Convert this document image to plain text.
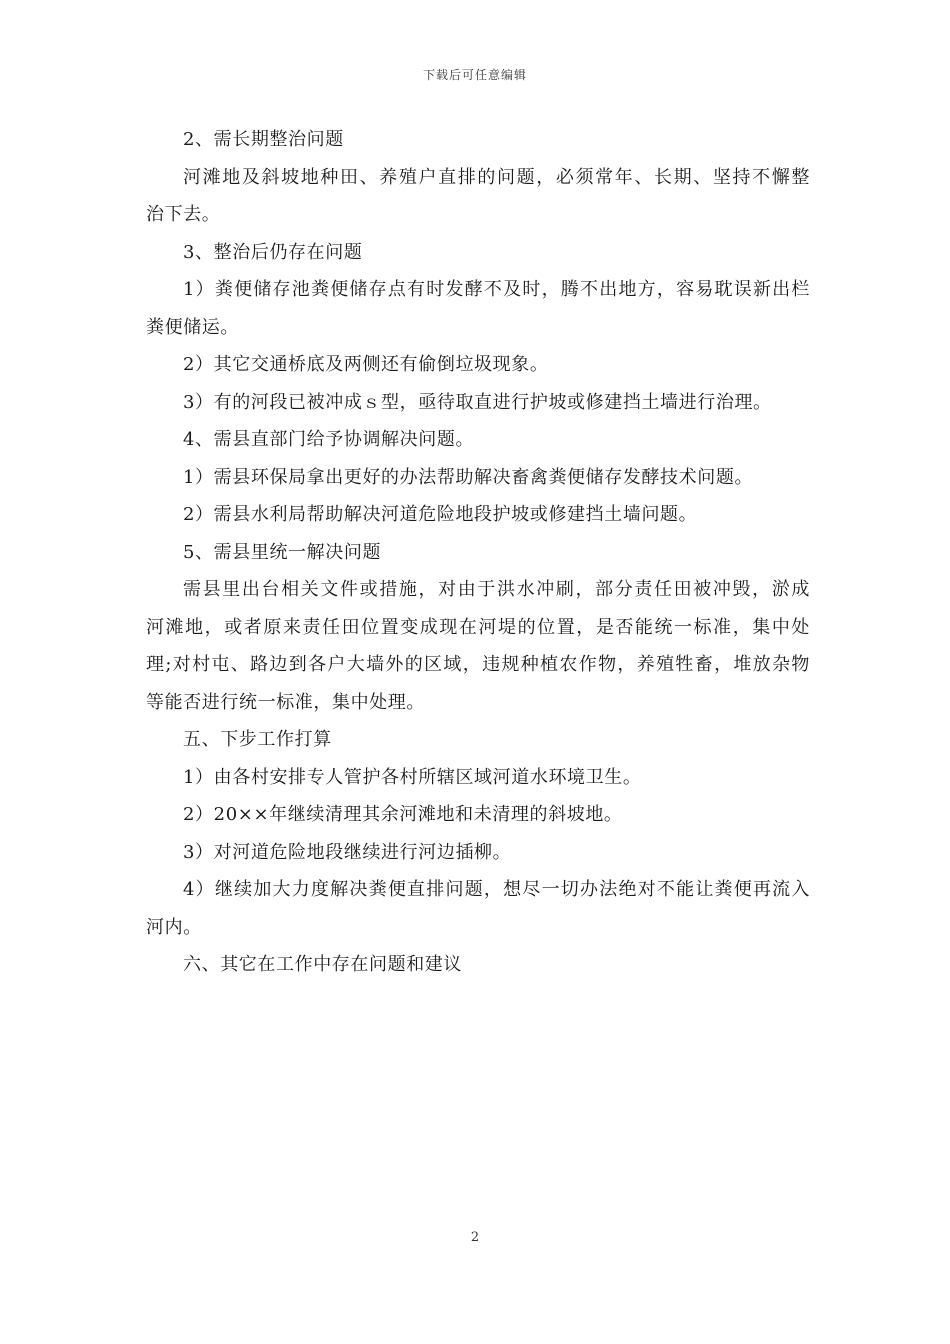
下载后可任意编辑
2、需长期整治问题
河滩地及斜坡地种田、养殖户直排的问题，必须常年、长期、坚持不懈整
治下去。
3、整治后仍存在问题
1）粪便储存池粪便储存点有时发酵不及时，腾不出地方，容易耽误新出栏
粪便储运。
2）其它交通桥底及两侧还有偷倒垃圾现象。
3）有的河段已被冲成ｓ型，亟待取直进行护坡或修建挡土墙进行治理。
4、需县直部门给予协调解决问题。
1）需县环保局拿出更好的办法帮助解决畜禽粪便储存发酵技术问题。
2）需县水利局帮助解决河道危险地段护坡或修建挡土墙问题。
5、需县里统一解决问题
需县里出台相关文件或措施，对由于洪水冲刷，部分责任田被冲毁，淤成
河滩地，或者原来责任田位置变成现在河堤的位置，是否能统一标准，集中处
理;对村屯、路边到各户大墙外的区域，违规种植农作物，养殖牲畜，堆放杂物
等能否进行统一标准，集中处理。
五、下步工作打算
1）由各村安排专人管护各村所辖区域河道水环境卫生。
2）20××年继续清理其余河滩地和未清理的斜坡地。
3）对河道危险地段继续进行河边插柳。
4）继续加大力度解决粪便直排问题，想尽一切办法绝对不能让粪便再流入
河内。
六、其它在工作中存在问题和建议
2
